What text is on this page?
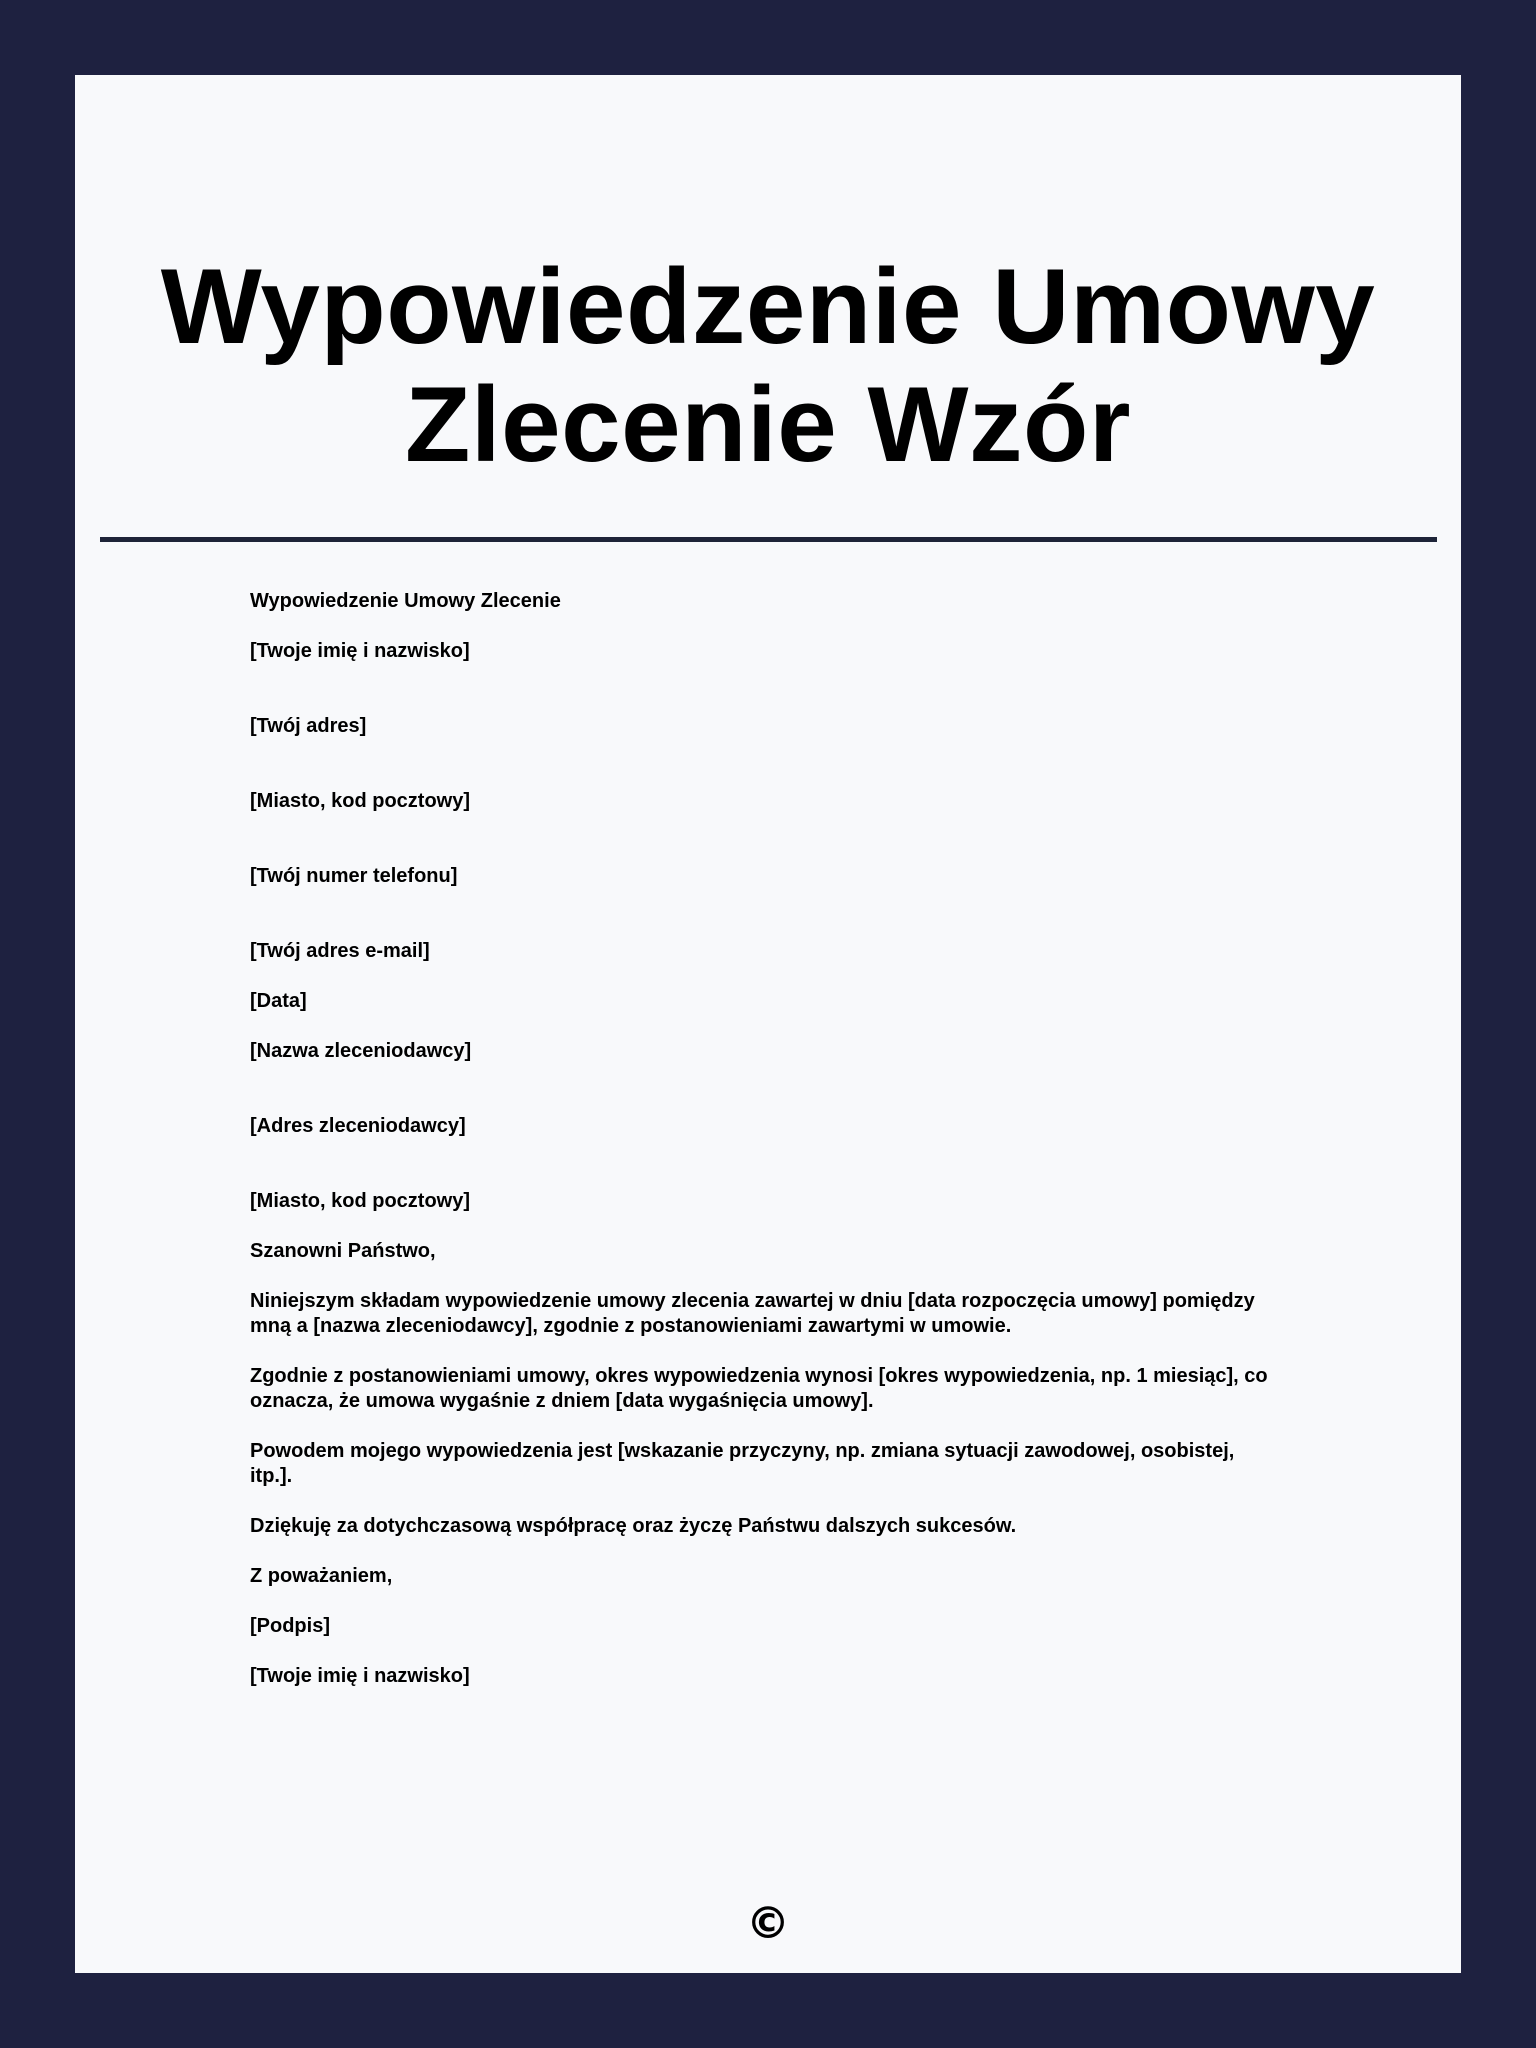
Wypowiedzenie Umowy
Zlecenie Wzór

Wypowiedzenie Umowy Zlecenie

[Twoje imię i nazwisko]

[Twój adres]

[Miasto, kod pocztowy]

[Twój numer telefonu]

[Twój adres e-mail]

[Data]

[Nazwa zleceniodawcy]

[Adres zleceniodawcy]

[Miasto, kod pocztowy]

Szanowni Państwo,

Niniejszym składam wypowiedzenie umowy zlecenia zawartej w dniu [data rozpoczęcia umowy] pomiędzy
mną a [nazwa zleceniodawcy], zgodnie z postanowieniami zawartymi w umowie.

Zgodnie z postanowieniami umowy, okres wypowiedzenia wynosi [okres wypowiedzenia, np. 1 miesiąc], co
oznacza, że umowa wygaśnie z dniem [data wygaśnięcia umowy].

Powodem mojego wypowiedzenia jest [wskazanie przyczyny, np. zmiana sytuacji zawodowej, osobistej,
itp.].

Dziękuję za dotychczasową współpracę oraz życzę Państwu dalszych sukcesów.

Z poważaniem,

[Podpis]

[Twoje imię i nazwisko]

©
